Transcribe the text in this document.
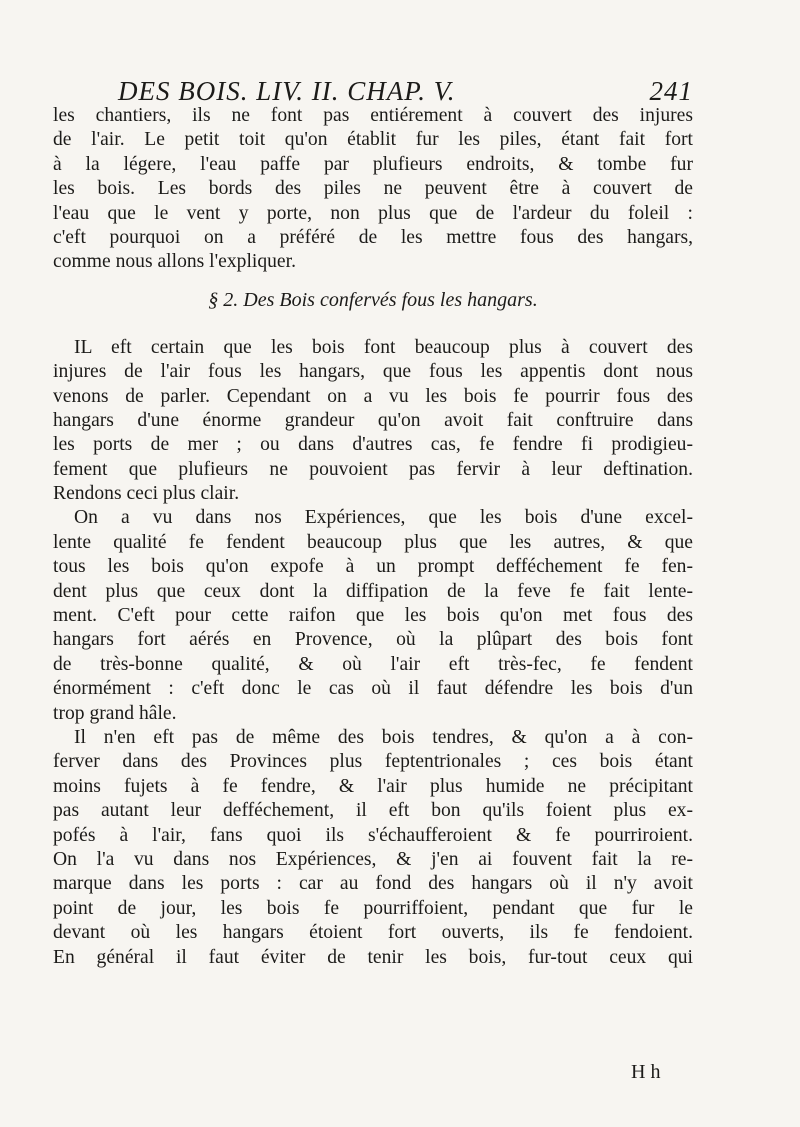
DES BOIS. LIV. II. CHAP. V.	241
les chantiers, ils ne font pas entiérement à couvert des injures
de l'air. Le petit toit qu'on établit fur les piles, étant fait fort
à la légere, l'eau paffe par plufieurs endroits, & tombe fur
les bois. Les bords des piles ne peuvent être à couvert de
l'eau que le vent y porte, non plus que de l'ardeur du foleil :
c'eft pourquoi on a préféré de les mettre fous des hangars,
comme nous allons l'expliquer.
§ 2. Des Bois confervés fous les hangars.
IL eft certain que les bois font beaucoup plus à couvert des
injures de l'air fous les hangars, que fous les appentis dont nous
venons de parler. Cependant on a vu les bois fe pourrir fous des
hangars d'une énorme grandeur qu'on avoit fait conftruire dans
les ports de mer ; ou dans d'autres cas, fe fendre fi prodigieu-
fement que plufieurs ne pouvoient pas fervir à leur deftination.
Rendons ceci plus clair.
On a vu dans nos Expériences, que les bois d'une excel-
lente qualité fe fendent beaucoup plus que les autres, & que
tous les bois qu'on expofe à un prompt defféchement fe fen-
dent plus que ceux dont la diffipation de la feve fe fait lente-
ment. C'eft pour cette raifon que les bois qu'on met fous des
hangars fort aérés en Provence, où la plûpart des bois font
de très-bonne qualité, & où l'air eft très-fec, fe fendent
énormément : c'eft donc le cas où il faut défendre les bois d'un
trop grand hâle.
Il n'en eft pas de même des bois tendres, & qu'on a à con-
ferver dans des Provinces plus feptentrionales ; ces bois étant
moins fujets à fe fendre, & l'air plus humide ne précipitant
pas autant leur defféchement, il eft bon qu'ils foient plus ex-
pofés à l'air, fans quoi ils s'échaufferoient & fe pourriroient.
On l'a vu dans nos Expériences, & j'en ai fouvent fait la re-
marque dans les ports : car au fond des hangars où il n'y avoit
point de jour, les bois fe pourriffoient, pendant que fur le
devant où les hangars étoient fort ouverts, ils fe fendoient.
En général il faut éviter de tenir les bois, fur-tout ceux qui
H h
